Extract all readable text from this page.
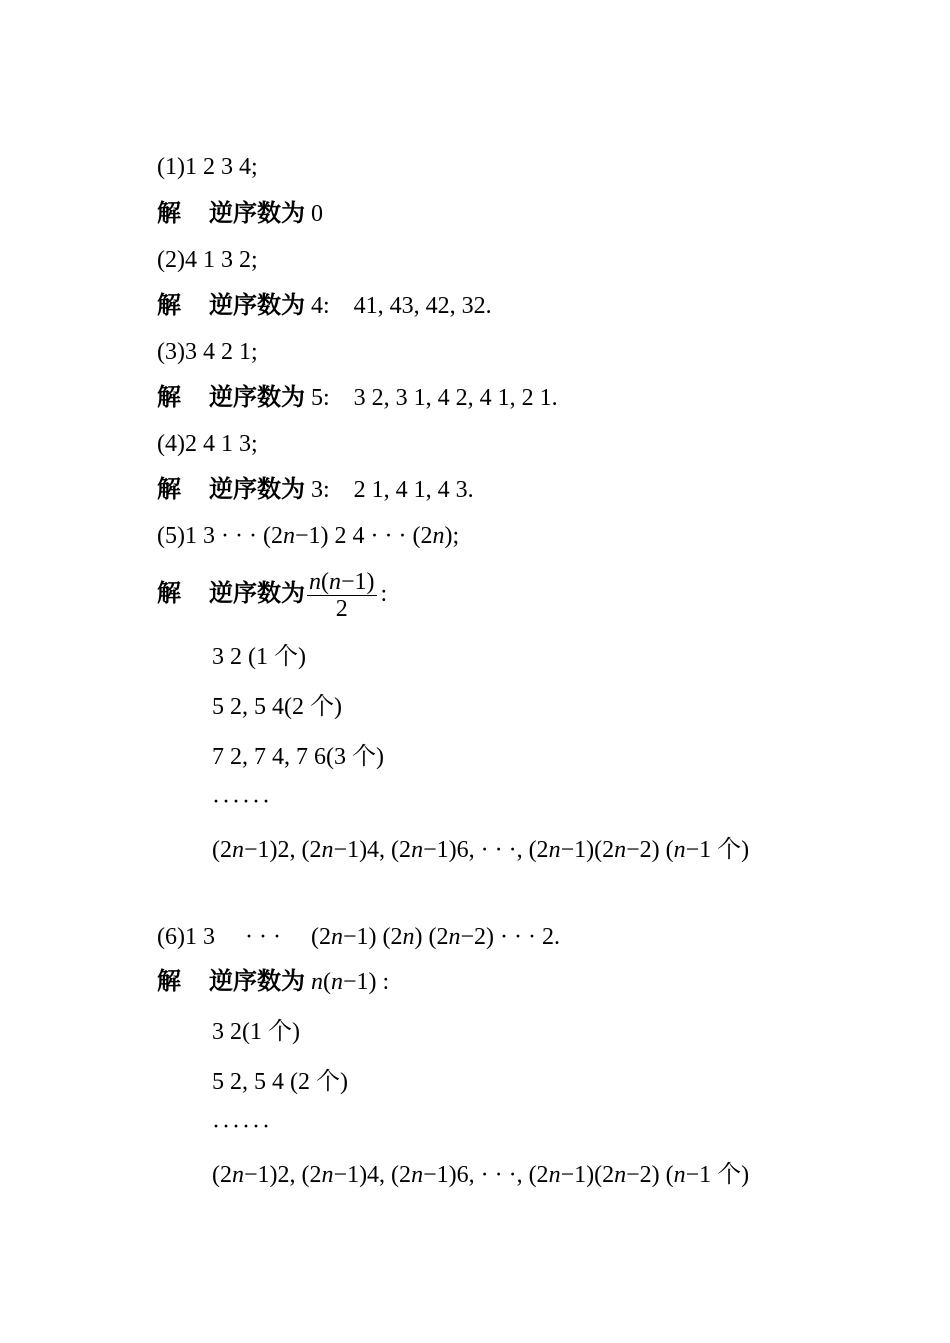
(1)1 2 3 4;
解 逆序数为 0
(2)4 1 3 2;
解 逆序数为 4:    41, 43, 42, 32.
(3)3 4 2 1;
解 逆序数为 5:    3 2, 3 1, 4 2, 4 1, 2 1.
(4)2 4 1 3;
解 逆序数为 3:    2 1, 4 1, 4 3.
(5)1 3 · · · (2n−1) 2 4 · · · (2n);
解 逆序数为 $\frac{n(n-1)}{2}$ :
3 2 (1 个)
5 2, 5 4(2 个)
7 2, 7 4, 7 6(3 个)
· · · · · ·
(2n−1)2, (2n−1)4, (2n−1)6, · · ·, (2n−1)(2n−2) (n−1 个)
(6)1 3     · · ·     (2n−1) (2n) (2n−2) · · · 2.
解 逆序数为 n(n−1) :
3 2(1 个)
5 2, 5 4 (2 个)
· · · · · ·
(2n−1)2, (2n−1)4, (2n−1)6, · · ·, (2n−1)(2n−2) (n−1 个)
